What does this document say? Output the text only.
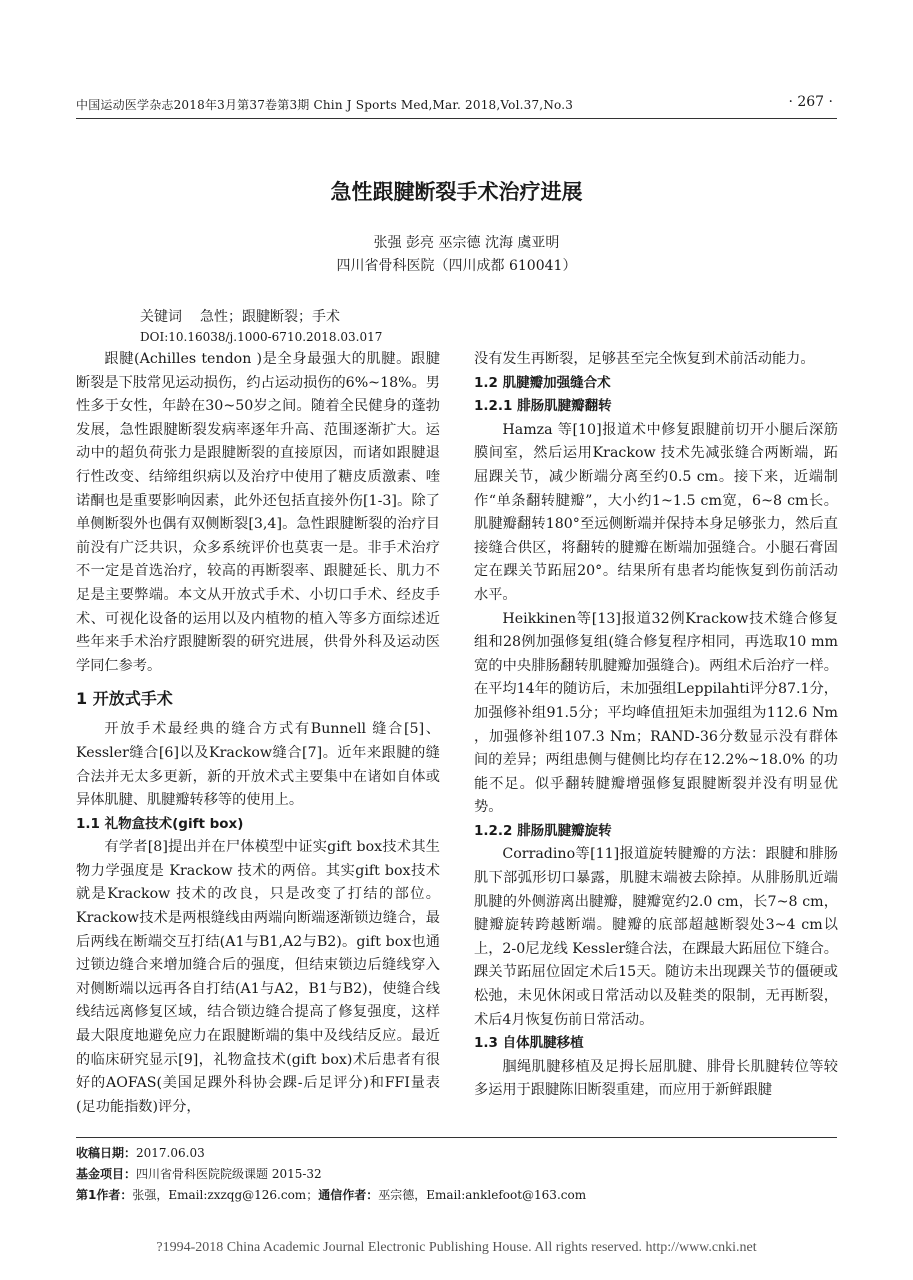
中国运动医学杂志2018年3月第37卷第3期 Chin J Sports Med,Mar. 2018,Vol.37,No.3	· 267 ·
急性跟腱断裂手术治疗进展
张强 彭亮 巫宗德 沈海 虞亚明
四川省骨科医院（四川成都 610041）
关键词 急性；跟腱断裂；手术
DOI:10.16038/j.1000-6710.2018.03.017

跟腱(Achilles tendon )是全身最强大的肌腱。跟腱断裂是下肢常见运动损伤，约占运动损伤的6%~18%。男性多于女性，年龄在30~50岁之间。随着全民健身的蓬勃发展，急性跟腱断裂发病率逐年升高、范围逐渐扩大。运动中的超负荷张力是跟腱断裂的直接原因，而诸如跟腱退行性改变、结缔组织病以及治疗中使用了糖皮质激素、喹诺酮也是重要影响因素，此外还包括直接外伤[1-3]。除了单侧断裂外也偶有双侧断裂[3,4]。急性跟腱断裂的治疗目前没有广泛共识，众多系统评价也莫衷一是。非手术治疗不一定是首选治疗，较高的再断裂率、跟腱延长、肌力不足是主要弊端。本文从开放式手术、小切口手术、经皮手术、可视化设备的运用以及内植物的植入等多方面综述近些年来手术治疗跟腱断裂的研究进展，供骨外科及运动医学同仁参考。

1 开放式手术

开放手术最经典的缝合方式有Bunnell 缝合[5]、Kessler缝合[6]以及Krackow缝合[7]。近年来跟腱的缝合法并无太多更新，新的开放术式主要集中在诸如自体或异体肌腱、肌腱瓣转移等的使用上。

1.1 礼物盒技术(gift box)

有学者[8]提出并在尸体模型中证实gift box技术其生物力学强度是 Krackow 技术的两倍。其实gift box技术就是Krackow 技术的改良，只是改变了打结的部位。Krackow技术是两根缝线由两端向断端逐渐锁边缝合，最后两线在断端交互打结(A1与B1,A2与B2)。gift box也通过锁边缝合来增加缝合后的强度，但结束锁边后缝线穿入对侧断端以远再各自打结(A1与A2，B1与B2)，使缝合线线结远离修复区域，结合锁边缝合提高了修复强度，这样最大限度地避免应力在跟腱断端的集中及线结反应。最近的临床研究显示[9]，礼物盒技术(gift box)术后患者有很好的AOFAS(美国足踝外科协会踝-后足评分)和FFI量表(足功能指数)评分，

没有发生再断裂，足够甚至完全恢复到术前活动能力。

1.2 肌腱瓣加强缝合术
1.2.1 腓肠肌腱瓣翻转

Hamza 等[10]报道术中修复跟腱前切开小腿后深筋膜间室，然后运用Krackow 技术先减张缝合两断端，跖屈踝关节，减少断端分离至约0.5 cm。接下来，近端制作“单条翻转腱瓣”，大小约1~1.5 cm宽，6~8 cm长。肌腱瓣翻转180°至远侧断端并保持本身足够张力，然后直接缝合供区，将翻转的腱瓣在断端加强缝合。小腿石膏固定在踝关节跖屈20°。结果所有患者均能恢复到伤前活动水平。

Heikkinen等[13]报道32例Krackow技术缝合修复组和28例加强修复组(缝合修复程序相同，再选取10 mm宽的中央腓肠翻转肌腱瓣加强缝合)。两组术后治疗一样。在平均14年的随访后，未加强组Leppilahti评分87.1分，加强修补组91.5分；平均峰值扭矩未加强组为112.6 Nm ，加强修补组107.3 Nm；RAND-36分数显示没有群体间的差异；两组患侧与健侧比均存在12.2%~18.0% 的功能不足。似乎翻转腱瓣增强修复跟腱断裂并没有明显优势。

1.2.2 腓肠肌腱瓣旋转

Corradino等[11]报道旋转腱瓣的方法：跟腱和腓肠肌下部弧形切口暴露，肌腱末端被去除掉。从腓肠肌近端肌腱的外侧游离出腱瓣，腱瓣宽约2.0 cm，长7~8 cm，腱瓣旋转跨越断端。腱瓣的底部超越断裂处3~4 cm以上，2-0尼龙线 Kessler缝合法，在踝最大跖屈位下缝合。踝关节跖屈位固定术后15天。随访未出现踝关节的僵硬或松弛，未见休闲或日常活动以及鞋类的限制，无再断裂，术后4月恢复伤前日常活动。

1.3 自体肌腱移植

腘绳肌腱移植及足拇长屈肌腱、腓骨长肌腱转位等较多运用于跟腱陈旧断裂重建，而应用于新鲜跟腱

收稿日期：2017.06.03
基金项目：四川省骨科医院院级课题 2015-32
第1作者：张强，Email:zxzqg@126.com；通信作者：巫宗德，Email:anklefoot@163.com
?1994-2018 China Academic Journal Electronic Publishing House. All rights reserved. http://www.cnki.net
